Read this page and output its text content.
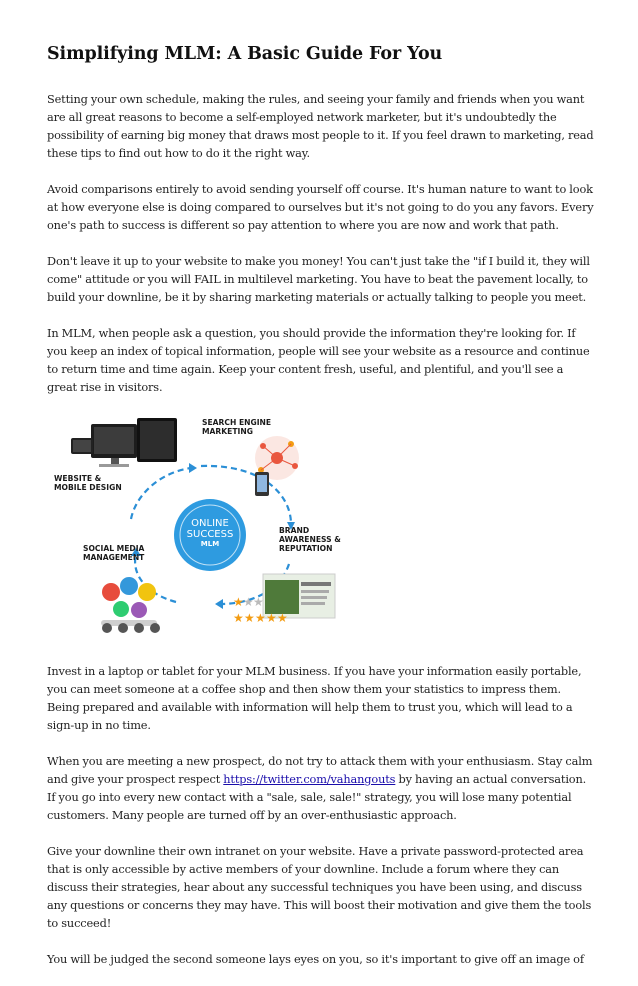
Simplifying MLM: A Basic Guide For You

Setting your own schedule, making the rules, and seeing your family and friends when you want are all great reasons to become a self-employed network marketer, but it's undoubtedly the possibility of earning big money that draws most people to it. If you feel drawn to marketing, read these tips to find out how to do it the right way.

Avoid comparisons entirely to avoid sending yourself off course. It's human nature to want to look at how everyone else is doing compared to ourselves but it's not going to do you any favors. Every one's path to success is different so pay attention to where you are now and work that path.

Don't leave it up to your website to make you money! You can't just take the "if I build it, they will come" attitude or you will FAIL in multilevel marketing. You have to beat the pavement locally, to build your downline, be it by sharing marketing materials or actually talking to people you meet.

In MLM, when people ask a question, you should provide the information they're looking for. If you keep an index of topical information, people will see your website as a resource and continue to return time and time again. Keep your content fresh, useful, and plentiful, and you'll see a great rise in visitors.

★ ★ ★
★ ★ ★ ★ ★
SEARCH ENGINE
MARKETING
WEBSITE &
MOBILE DESIGN
SOCIAL MEDIA
MANAGEMENT
BRAND
AWARENESS &
REPUTATION
ONLINE
SUCCESS
MLM

Invest in a laptop or tablet for your MLM business. If you have your information easily portable, you can meet someone at a coffee shop and then show them your statistics to impress them. Being prepared and available with information will help them to trust you, which will lead to a sign-up in no time.

When you are meeting a new prospect, do not try to attack them with your enthusiasm. Stay calm and give your prospect respect https://twitter.com/vahangouts by having an actual conversation. If you go into every new contact with a "sale, sale, sale!" strategy, you will lose many potential customers. Many people are turned off by an over-enthusiastic approach.

Give your downline their own intranet on your website. Have a private password-protected area that is only accessible by active members of your downline. Include a forum where they can discuss their strategies, hear about any successful techniques you have been using, and discuss any questions or concerns they may have. This will boost their motivation and give them the tools to succeed!

You will be judged the second someone lays eyes on you, so it's important to give off an image of
